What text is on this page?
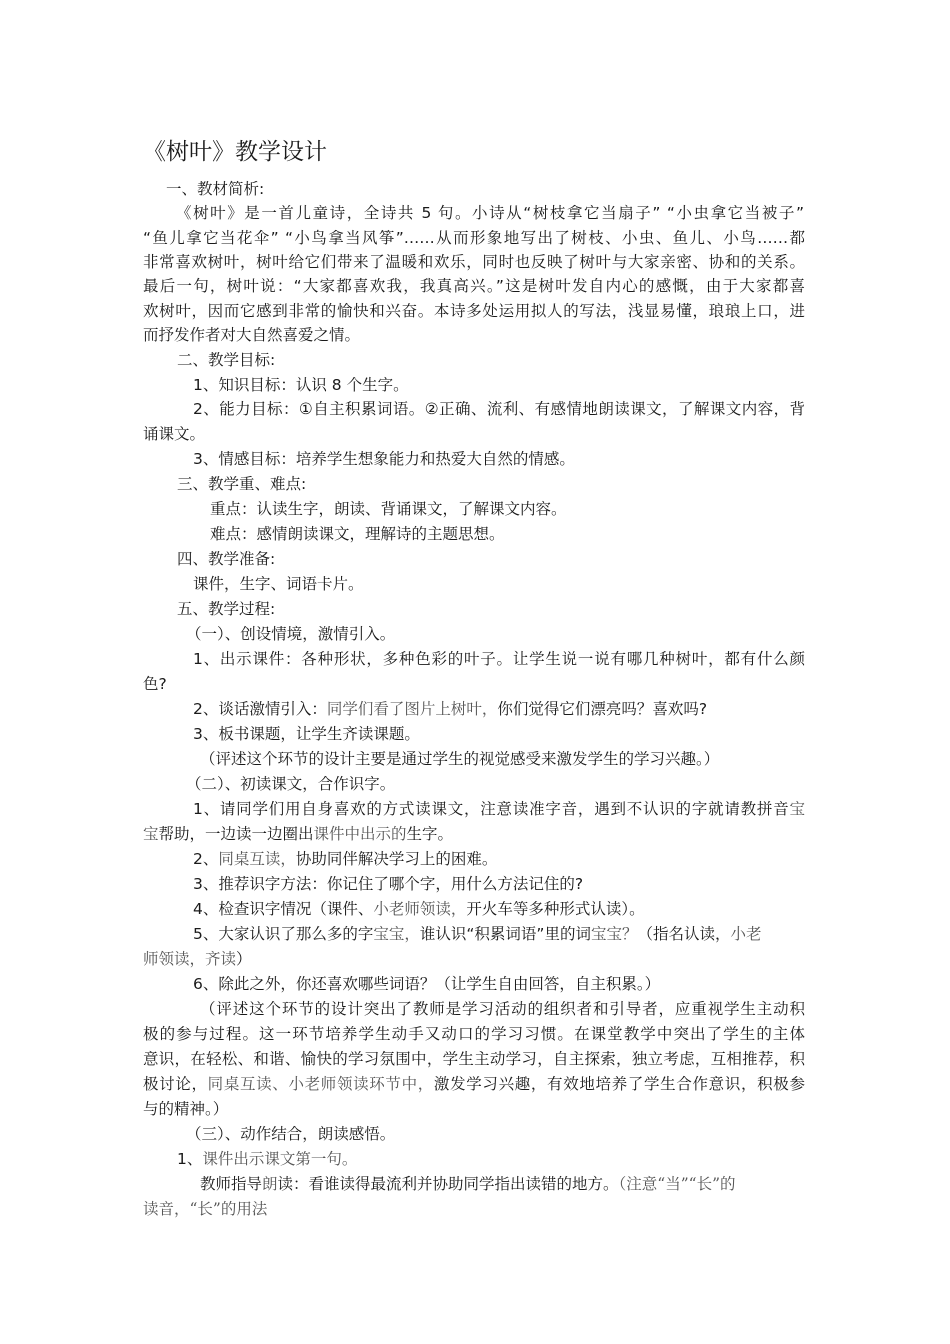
《树叶》教学设计
一、教材简析:
《树叶》是一首儿童诗，全诗共 5 句。小诗从“树枝拿它当扇子” “小虫拿它当被子”
“鱼儿拿它当花伞” “小鸟拿当风筝”……从而形象地写出了树枝、小虫、鱼儿、小鸟……都
非常喜欢树叶，树叶给它们带来了温暖和欢乐，同时也反映了树叶与大家亲密、协和的关系。
最后一句，树叶说：“大家都喜欢我，我真高兴。”这是树叶发自内心的感慨，由于大家都喜
欢树叶，因而它感到非常的愉快和兴奋。本诗多处运用拟人的写法，浅显易懂，琅琅上口，进
而抒发作者对大自然喜爱之情。
二、教学目标:
1、知识目标：认识 8 个生字。
2、能力目标：①自主积累词语。②正确、流利、有感情地朗读课文，了解课文内容，背
诵课文。
3、情感目标：培养学生想象能力和热爱大自然的情感。
三、教学重、难点:
重点：认读生字，朗读、背诵课文，了解课文内容。
难点：感情朗读课文，理解诗的主题思想。
四、教学准备:
课件，生字、词语卡片。
五、教学过程:
（一）、创设情境，激情引入。
1、出示课件：各种形状，多种色彩的叶子。让学生说一说有哪几种树叶，都有什么颜
色?
2、谈话激情引入：同学们看了图片上树叶，你们觉得它们漂亮吗？喜欢吗?
3、板书课题，让学生齐读课题。
（评述这个环节的设计主要是通过学生的视觉感受来激发学生的学习兴趣。）
（二）、初读课文，合作识字。
1、请同学们用自身喜欢的方式读课文，注意读准字音，遇到不认识的字就请教拼音宝
宝帮助，一边读一边圈出课件中出示的生字。
2、同桌互读，协助同伴解决学习上的困难。
3、推荐识字方法：你记住了哪个字，用什么方法记住的?
4、检查识字情况（课件、小老师领读，开火车等多种形式认读）。
5、大家认识了那么多的字宝宝，谁认识“积累词语”里的词宝宝？（指名认读，小老
师领读，齐读）
6、除此之外，你还喜欢哪些词语？（让学生自由回答，自主积累。）
（评述这个环节的设计突出了教师是学习活动的组织者和引导者，应重视学生主动积
极的参与过程。这一环节培养学生动手又动口的学习习惯。在课堂教学中突出了学生的主体
意识，在轻松、和谐、愉快的学习氛围中，学生主动学习，自主探索，独立考虑，互相推荐，积
极讨论，同桌互读、小老师领读环节中，激发学习兴趣，有效地培养了学生合作意识，积极参
与的精神。）
（三）、动作结合，朗读感悟。
1、课件出示课文第一句。
教师指导朗读：看谁读得最流利并协助同学指出读错的地方。（注意“当”“长”的
读音，“长”的用法
